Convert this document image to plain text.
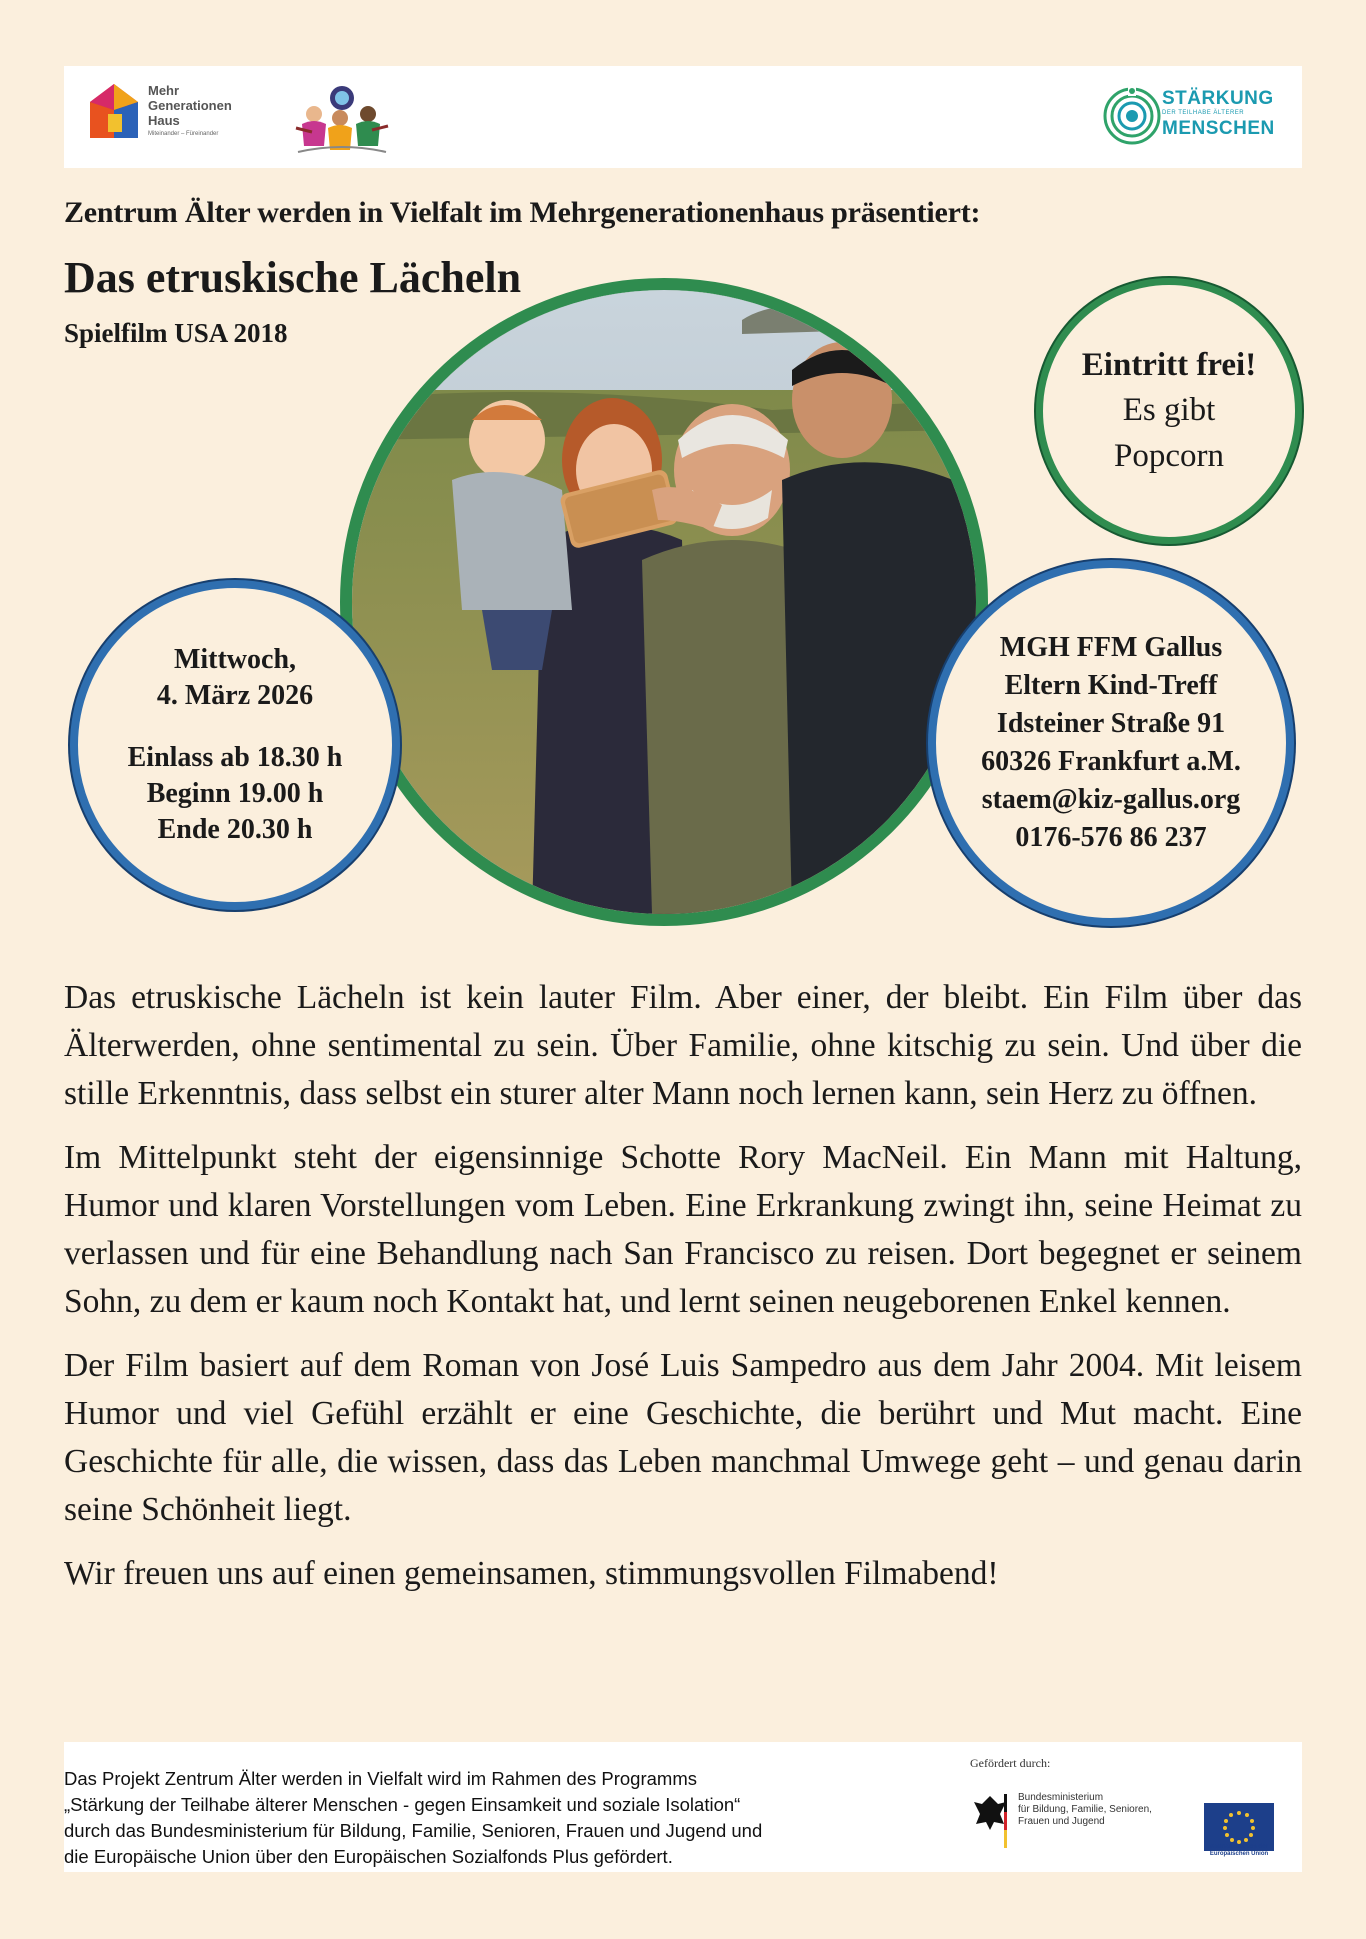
Mehr
Generationen
Haus
Miteinander – Füreinander
STÄRKUNG
DER TEILHABE ÄLTERER
MENSCHEN
Zentrum Älter werden in Vielfalt im Mehrgenerationenhaus präsentiert:
Das etruskische Lächeln
Spielfilm USA 2018
Eintritt frei!
Es gibt
Popcorn
Mittwoch,
4. März 2026
Einlass ab 18.30 h
Beginn 19.00 h
Ende 20.30 h
MGH FFM Gallus
Eltern Kind-Treff
Idsteiner Straße 91
60326 Frankfurt a.M.
staem@kiz-gallus.org
0176-576 86 237

Das etruskische Lächeln ist kein lauter Film. Aber einer, der bleibt. Ein Film über das Älterwerden, ohne sentimental zu sein. Über Familie, ohne kitschig zu sein. Und über die stille Erkenntnis, dass selbst ein sturer alter Mann noch lernen kann, sein Herz zu öffnen.

Im Mittelpunkt steht der eigensinnige Schotte Rory MacNeil. Ein Mann mit Haltung, Humor und klaren Vorstellungen vom Leben. Eine Erkrankung zwingt ihn, seine Heimat zu verlassen und für eine Behandlung nach San Francisco zu reisen. Dort begegnet er seinem Sohn, zu dem er kaum noch Kontakt hat, und lernt seinen neugeborenen Enkel kennen.

Der Film basiert auf dem Roman von José Luis Sampedro aus dem Jahr 2004. Mit leisem Humor und viel Gefühl erzählt er eine Geschichte, die berührt und Mut macht. Eine Geschichte für alle, die wissen, dass das Leben manchmal Umwege geht – und genau darin seine Schönheit liegt.

Wir freuen uns auf einen gemeinsamen, stimmungsvollen Filmabend!

Das Projekt Zentrum Älter werden in Vielfalt wird im Rahmen des Programms
„Stärkung der Teilhabe älterer Menschen - gegen Einsamkeit und soziale Isolation“
durch das Bundesministerium für Bildung, Familie, Senioren, Frauen und Jugend und
die Europäische Union über den Europäischen Sozialfonds Plus gefördert.
Gefördert durch:
Bundesministerium
für Bildung, Familie, Senioren,
Frauen und Jugend
Kofinanziert von der
Europäischen Union
